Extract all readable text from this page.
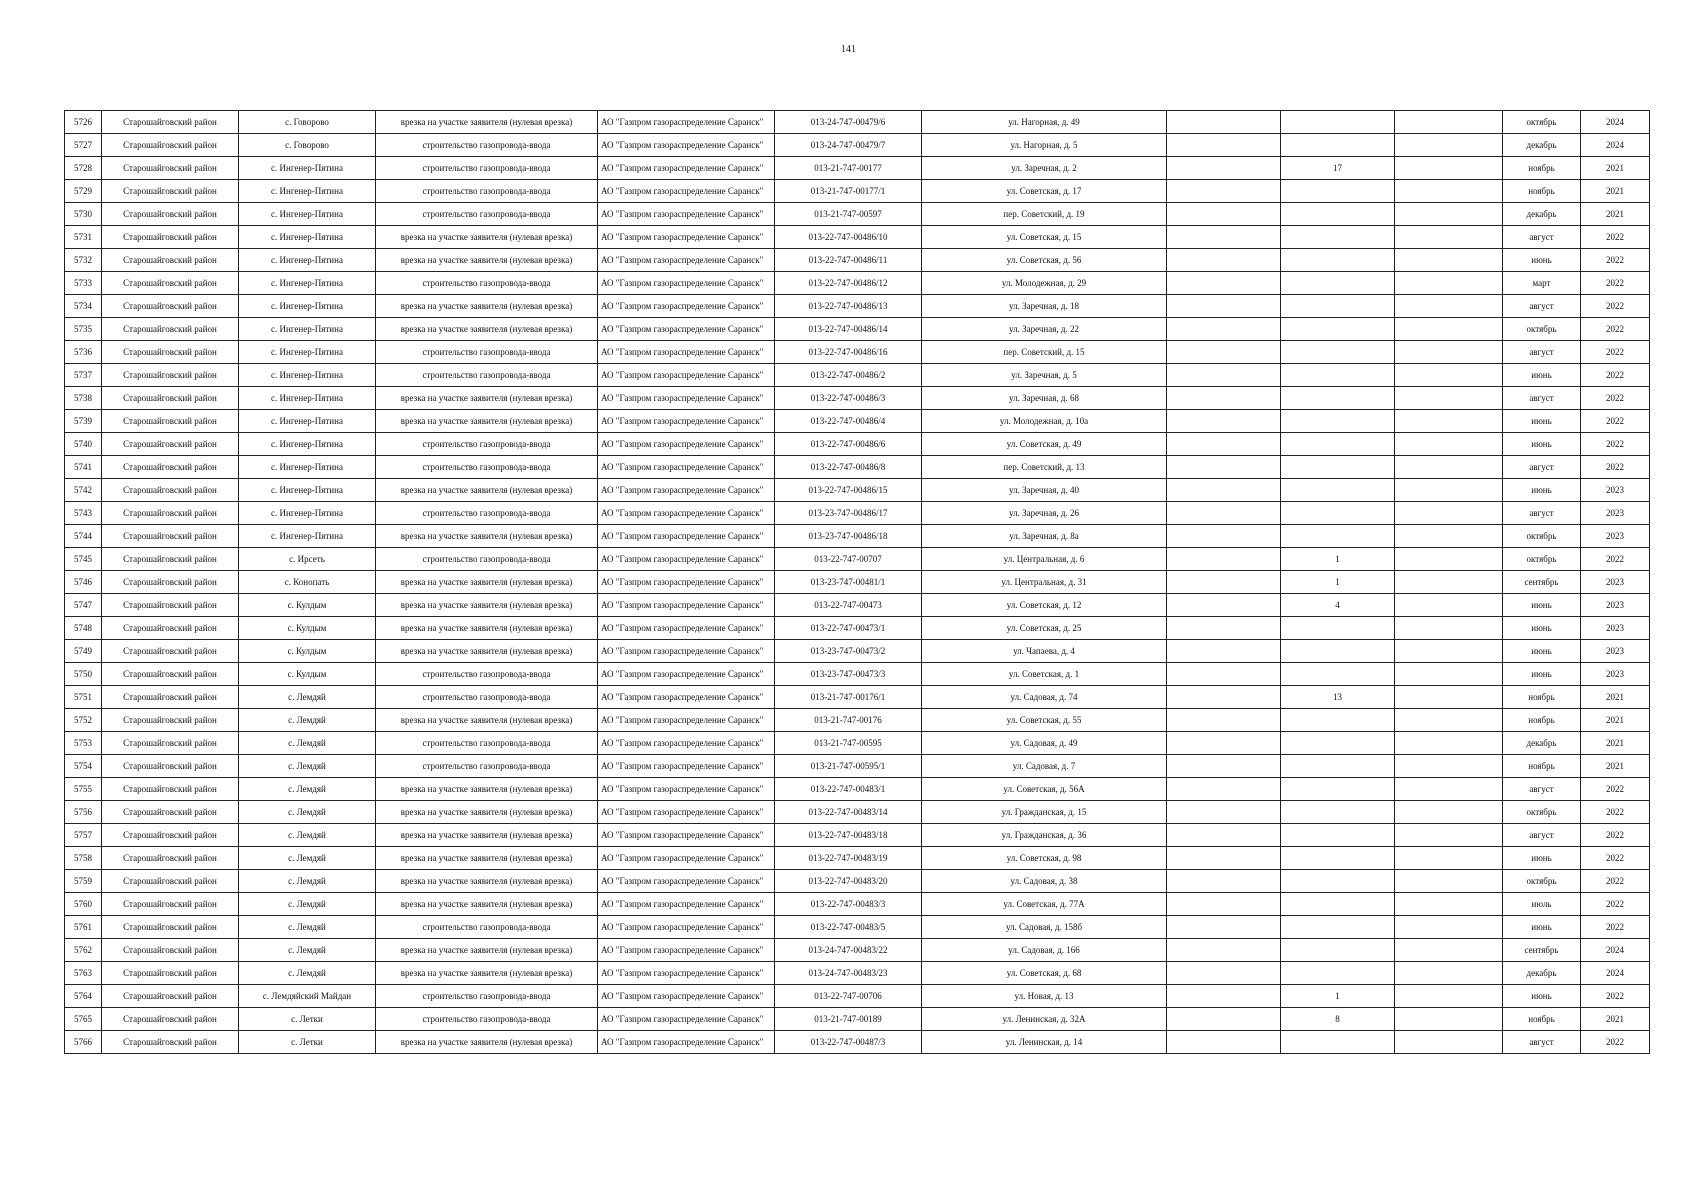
141
5726	Старошайговский район	с. Говорово	врезка на участке заявителя (нулевая врезка)	АО "Газпром газораспределение Саранск"	013-24-747-00479/6	ул. Нагорная, д. 49				октябрь	2024
5727	Старошайговский район	с. Говорово	строительство газопровода-ввода	АО "Газпром газораспределение Саранск"	013-24-747-00479/7	ул. Нагорная, д. 5				декабрь	2024
5728	Старошайговский район	с. Ингенер-Пятина	строительство газопровода-ввода	АО "Газпром газораспределение Саранск"	013-21-747-00177	ул. Заречная, д. 2		17		ноябрь	2021
5729	Старошайговский район	с. Ингенер-Пятина	строительство газопровода-ввода	АО "Газпром газораспределение Саранск"	013-21-747-00177/1	ул. Советская, д. 17				ноябрь	2021
5730	Старошайговский район	с. Ингенер-Пятина	строительство газопровода-ввода	АО "Газпром газораспределение Саранск"	013-21-747-00597	пер. Советский, д. 19				декабрь	2021
5731	Старошайговский район	с. Ингенер-Пятина	врезка на участке заявителя (нулевая врезка)	АО "Газпром газораспределение Саранск"	013-22-747-00486/10	ул. Советская, д. 15				август	2022
5732	Старошайговский район	с. Ингенер-Пятина	врезка на участке заявителя (нулевая врезка)	АО "Газпром газораспределение Саранск"	013-22-747-00486/11	ул. Советская, д. 56				июнь	2022
5733	Старошайговский район	с. Ингенер-Пятина	строительство газопровода-ввода	АО "Газпром газораспределение Саранск"	013-22-747-00486/12	ул. Молодежная, д. 29				март	2022
5734	Старошайговский район	с. Ингенер-Пятина	врезка на участке заявителя (нулевая врезка)	АО "Газпром газораспределение Саранск"	013-22-747-00486/13	ул. Заречная, д. 18				август	2022
5735	Старошайговский район	с. Ингенер-Пятина	врезка на участке заявителя (нулевая врезка)	АО "Газпром газораспределение Саранск"	013-22-747-00486/14	ул. Заречная, д. 22				октябрь	2022
5736	Старошайговский район	с. Ингенер-Пятина	строительство газопровода-ввода	АО "Газпром газораспределение Саранск"	013-22-747-00486/16	пер. Советский, д. 15				август	2022
5737	Старошайговский район	с. Ингенер-Пятина	строительство газопровода-ввода	АО "Газпром газораспределение Саранск"	013-22-747-00486/2	ул. Заречная, д. 5				июнь	2022
5738	Старошайговский район	с. Ингенер-Пятина	врезка на участке заявителя (нулевая врезка)	АО "Газпром газораспределение Саранск"	013-22-747-00486/3	ул. Заречная, д. 68				август	2022
5739	Старошайговский район	с. Ингенер-Пятина	врезка на участке заявителя (нулевая врезка)	АО "Газпром газораспределение Саранск"	013-22-747-00486/4	ул. Молодежная, д. 10а				июнь	2022
5740	Старошайговский район	с. Ингенер-Пятина	строительство газопровода-ввода	АО "Газпром газораспределение Саранск"	013-22-747-00486/6	ул. Советская, д. 49				июнь	2022
5741	Старошайговский район	с. Ингенер-Пятина	строительство газопровода-ввода	АО "Газпром газораспределение Саранск"	013-22-747-00486/8	пер. Советский, д. 13				август	2022
5742	Старошайговский район	с. Ингенер-Пятина	врезка на участке заявителя (нулевая врезка)	АО "Газпром газораспределение Саранск"	013-22-747-00486/15	ул. Заречная, д. 40				июнь	2023
5743	Старошайговский район	с. Ингенер-Пятина	строительство газопровода-ввода	АО "Газпром газораспределение Саранск"	013-23-747-00486/17	ул. Заречная, д. 26				август	2023
5744	Старошайговский район	с. Ингенер-Пятина	врезка на участке заявителя (нулевая врезка)	АО "Газпром газораспределение Саранск"	013-23-747-00486/18	ул. Заречная, д. 8а				октябрь	2023
5745	Старошайговский район	с. Ирсеть	строительство газопровода-ввода	АО "Газпром газораспределение Саранск"	013-22-747-00707	ул. Центральная, д. 6		1		октябрь	2022
5746	Старошайговский район	с. Конопать	врезка на участке заявителя (нулевая врезка)	АО "Газпром газораспределение Саранск"	013-23-747-00481/1	ул. Центральная, д. 31		1		сентябрь	2023
5747	Старошайговский район	с. Кулдым	врезка на участке заявителя (нулевая врезка)	АО "Газпром газораспределение Саранск"	013-22-747-00473	ул. Советская, д. 12		4		июнь	2023
5748	Старошайговский район	с. Кулдым	врезка на участке заявителя (нулевая врезка)	АО "Газпром газораспределение Саранск"	013-22-747-00473/1	ул. Советская, д. 25				июнь	2023
5749	Старошайговский район	с. Кулдым	врезка на участке заявителя (нулевая врезка)	АО "Газпром газораспределение Саранск"	013-23-747-00473/2	ул. Чапаева, д. 4				июнь	2023
5750	Старошайговский район	с. Кулдым	строительство газопровода-ввода	АО "Газпром газораспределение Саранск"	013-23-747-00473/3	ул. Советская, д. 1				июнь	2023
5751	Старошайговский район	с. Лемдяй	строительство газопровода-ввода	АО "Газпром газораспределение Саранск"	013-21-747-00176/1	ул. Садовая, д. 74		13		ноябрь	2021
5752	Старошайговский район	с. Лемдяй	врезка на участке заявителя (нулевая врезка)	АО "Газпром газораспределение Саранск"	013-21-747-00176	ул. Советская, д. 55				ноябрь	2021
5753	Старошайговский район	с. Лемдяй	строительство газопровода-ввода	АО "Газпром газораспределение Саранск"	013-21-747-00595	ул. Садовая, д. 49				декабрь	2021
5754	Старошайговский район	с. Лемдяй	строительство газопровода-ввода	АО "Газпром газораспределение Саранск"	013-21-747-00595/1	ул. Садовая, д. 7				ноябрь	2021
5755	Старошайговский район	с. Лемдяй	врезка на участке заявителя (нулевая врезка)	АО "Газпром газораспределение Саранск"	013-22-747-00483/1	ул. Советская, д. 56А				август	2022
5756	Старошайговский район	с. Лемдяй	врезка на участке заявителя (нулевая врезка)	АО "Газпром газораспределение Саранск"	013-22-747-00483/14	ул. Гражданская, д. 15				октябрь	2022
5757	Старошайговский район	с. Лемдяй	врезка на участке заявителя (нулевая врезка)	АО "Газпром газораспределение Саранск"	013-22-747-00483/18	ул. Гражданская, д. 36				август	2022
5758	Старошайговский район	с. Лемдяй	врезка на участке заявителя (нулевая врезка)	АО "Газпром газораспределение Саранск"	013-22-747-00483/19	ул. Советская, д. 98				июнь	2022
5759	Старошайговский район	с. Лемдяй	врезка на участке заявителя (нулевая врезка)	АО "Газпром газораспределение Саранск"	013-22-747-00483/20	ул. Садовая, д. 38				октябрь	2022
5760	Старошайговский район	с. Лемдяй	врезка на участке заявителя (нулевая врезка)	АО "Газпром газораспределение Саранск"	013-22-747-00483/3	ул. Советская, д. 77А				июль	2022
5761	Старошайговский район	с. Лемдяй	строительство газопровода-ввода	АО "Газпром газораспределение Саранск"	013-22-747-00483/5	ул. Садовая, д. 158б				июнь	2022
5762	Старошайговский район	с. Лемдяй	врезка на участке заявителя (нулевая врезка)	АО "Газпром газораспределение Саранск"	013-24-747-00483/22	ул. Садовая, д. 166				сентябрь	2024
5763	Старошайговский район	с. Лемдяй	врезка на участке заявителя (нулевая врезка)	АО "Газпром газораспределение Саранск"	013-24-747-00483/23	ул. Советская, д. 68				декабрь	2024
5764	Старошайговский район	с. Лемдяйский Майдан	строительство газопровода-ввода	АО "Газпром газораспределение Саранск"	013-22-747-00706	ул. Новая, д. 13		1		июнь	2022
5765	Старошайговский район	с. Летки	строительство газопровода-ввода	АО "Газпром газораспределение Саранск"	013-21-747-00189	ул. Ленинская, д. 32А		8		ноябрь	2021
5766	Старошайговский район	с. Летки	врезка на участке заявителя (нулевая врезка)	АО "Газпром газораспределение Саранск"	013-22-747-00487/3	ул. Ленинская, д. 14				август	2022
